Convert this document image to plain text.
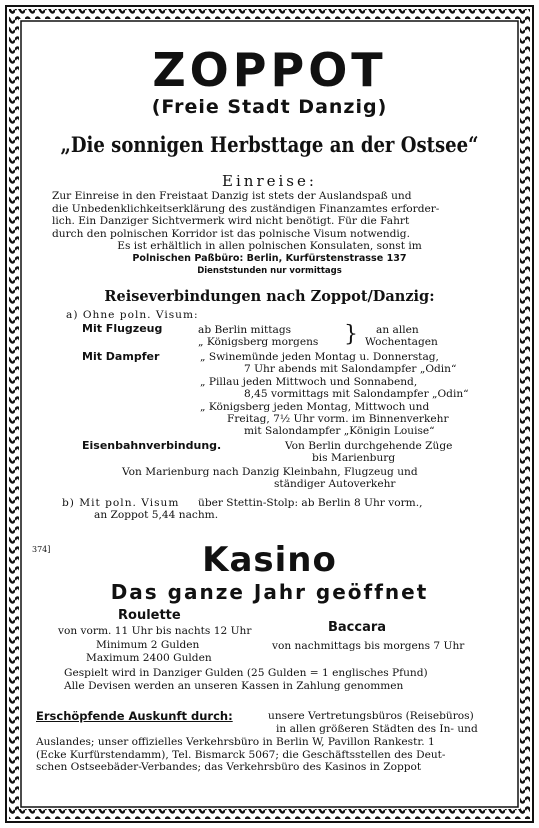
ZOPPOT
(Freie Stadt Danzig)
„Die sonnigen Herbsttage an der Ostsee“
Einreise:
Zur Einreise in den Freistaat Danzig ist stets der Auslandspaß und
die Unbedenklichkeitserklärung des zuständigen Finanzamtes erforder-
lich. Ein Danziger Sichtvermerk wird nicht benötigt. Für die Fahrt
durch den polnischen Korridor ist das polnische Visum notwendig.
Es ist erhältlich in allen polnischen Konsulaten, sonst im
Polnischen Paßbüro: Berlin, Kurfürstenstrasse 137
Dienststunden nur vormittags
Reiseverbindungen nach Zoppot/Danzig:
a) Ohne poln. Visum:
Mit Flugzeug	ab Berlin mittags
„ Königsberg morgens } an allen
Wochentagen
Mit Dampfer	„ Swinemünde jeden Montag u. Donnerstag,
7 Uhr abends mit Salondampfer „Odin“
„ Pillau jeden Mittwoch und Sonnabend,
8,45 vormittags mit Salondampfer „Odin“
„ Königsberg jeden Montag, Mittwoch und
Freitag, 7½ Uhr vorm. im Binnenverkehr
mit Salondampfer „Königin Louise“
Eisenbahnverbindung.	Von Berlin durchgehende Züge
bis Marienburg
Von Marienburg nach Danzig Kleinbahn, Flugzeug und
ständiger Autoverkehr
b) Mit poln. Visum über Stettin-Stolp: ab Berlin 8 Uhr vorm.,
an Zoppot 5,44 nachm.
374]	Kasino
Das ganze Jahr geöffnet
Roulette
von vorm. 11 Uhr bis nachts 12 Uhr	Baccara
von nachmittags bis morgens 7 Uhr
Minimum 2 Gulden
Maximum 2400 Gulden
Gespielt wird in Danziger Gulden (25 Gulden = 1 englisches Pfund)
Alle Devisen werden an unseren Kassen in Zahlung genommen
Erschöpfende Auskunft durch:	unsere Vertretungsbüros (Reisebüros)
in allen größeren Städten des In- und
Auslandes; unser offizielles Verkehrsbüro in Berlin W, Pavillon Rankestr. 1
(Ecke Kurfürstendamm), Tel. Bismarck 5067; die Geschäftsstellen des Deut-
schen Ostseebäder-Verbandes; das Verkehrsbüro des Kasinos in Zoppot
